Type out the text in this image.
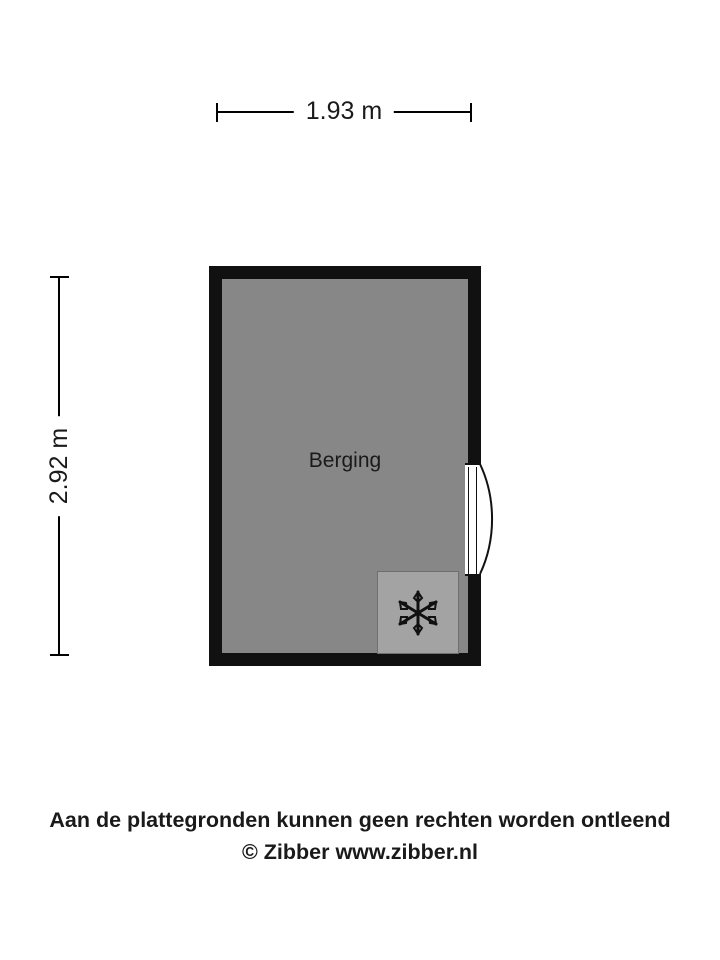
1.93 m
2.92 m	Berging
Aan de plattegronden kunnen geen rechten worden ontleend
© Zibber www.zibber.nl
